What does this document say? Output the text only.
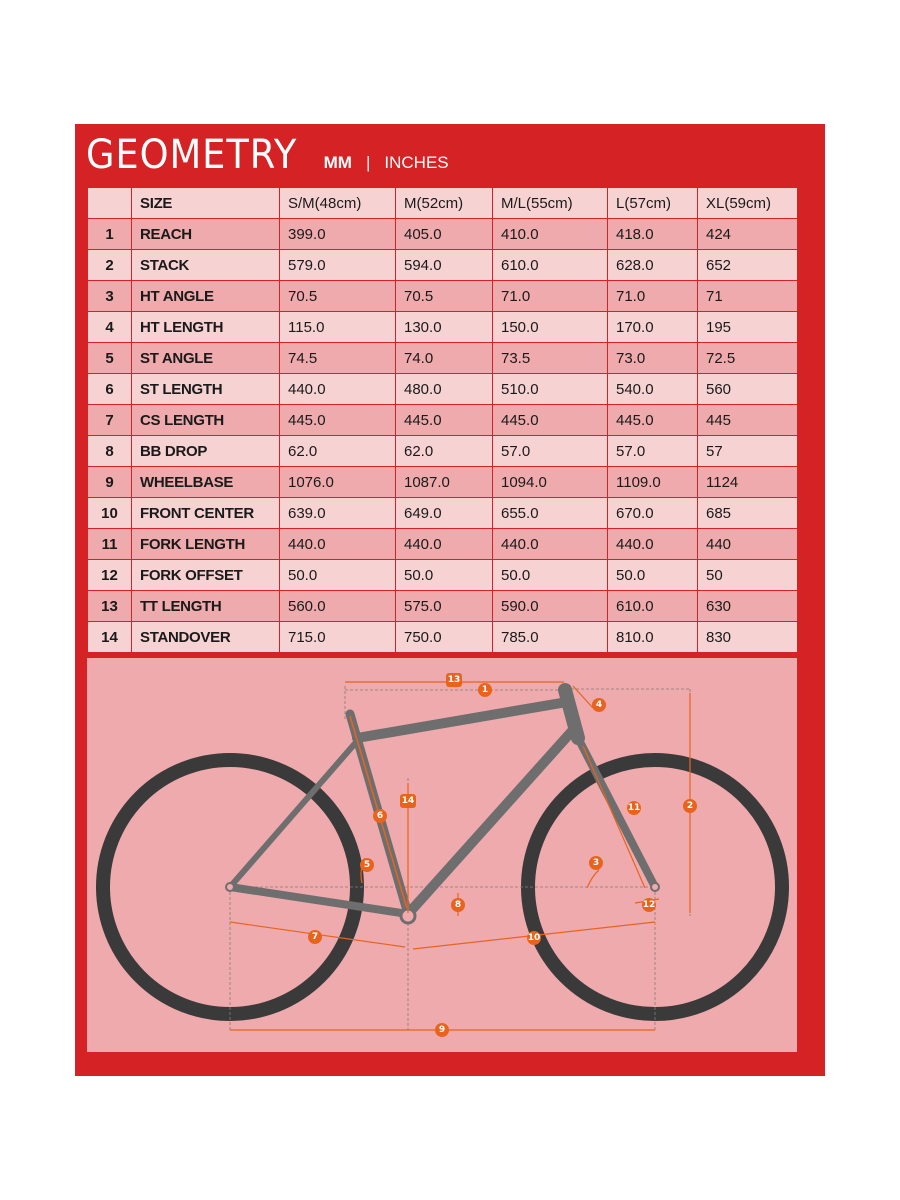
GEOMETRY MM | INCHES
	SIZE	S/M(48cm)	M(52cm)	M/L(55cm)	L(57cm)	XL(59cm)
1	REACH	399.0	405.0	410.0	418.0	424
2	STACK	579.0	594.0	610.0	628.0	652
3	HT ANGLE	70.5	70.5	71.0	71.0	71
4	HT LENGTH	115.0	130.0	150.0	170.0	195
5	ST ANGLE	74.5	74.0	73.5	73.0	72.5
6	ST LENGTH	440.0	480.0	510.0	540.0	560
7	CS LENGTH	445.0	445.0	445.0	445.0	445
8	BB DROP	62.0	62.0	57.0	57.0	57
9	WHEELBASE	1076.0	1087.0	1094.0	1109.0	1124
10	FRONT CENTER	639.0	649.0	655.0	670.0	685
11	FORK LENGTH	440.0	440.0	440.0	440.0	440
12	FORK OFFSET	50.0	50.0	50.0	50.0	50
13	TT LENGTH	560.0	575.0	590.0	610.0	630
14	STANDOVER	715.0	750.0	785.0	810.0	830
13
1
4
2
11
14
6
5	3
8	12
7	10
9
